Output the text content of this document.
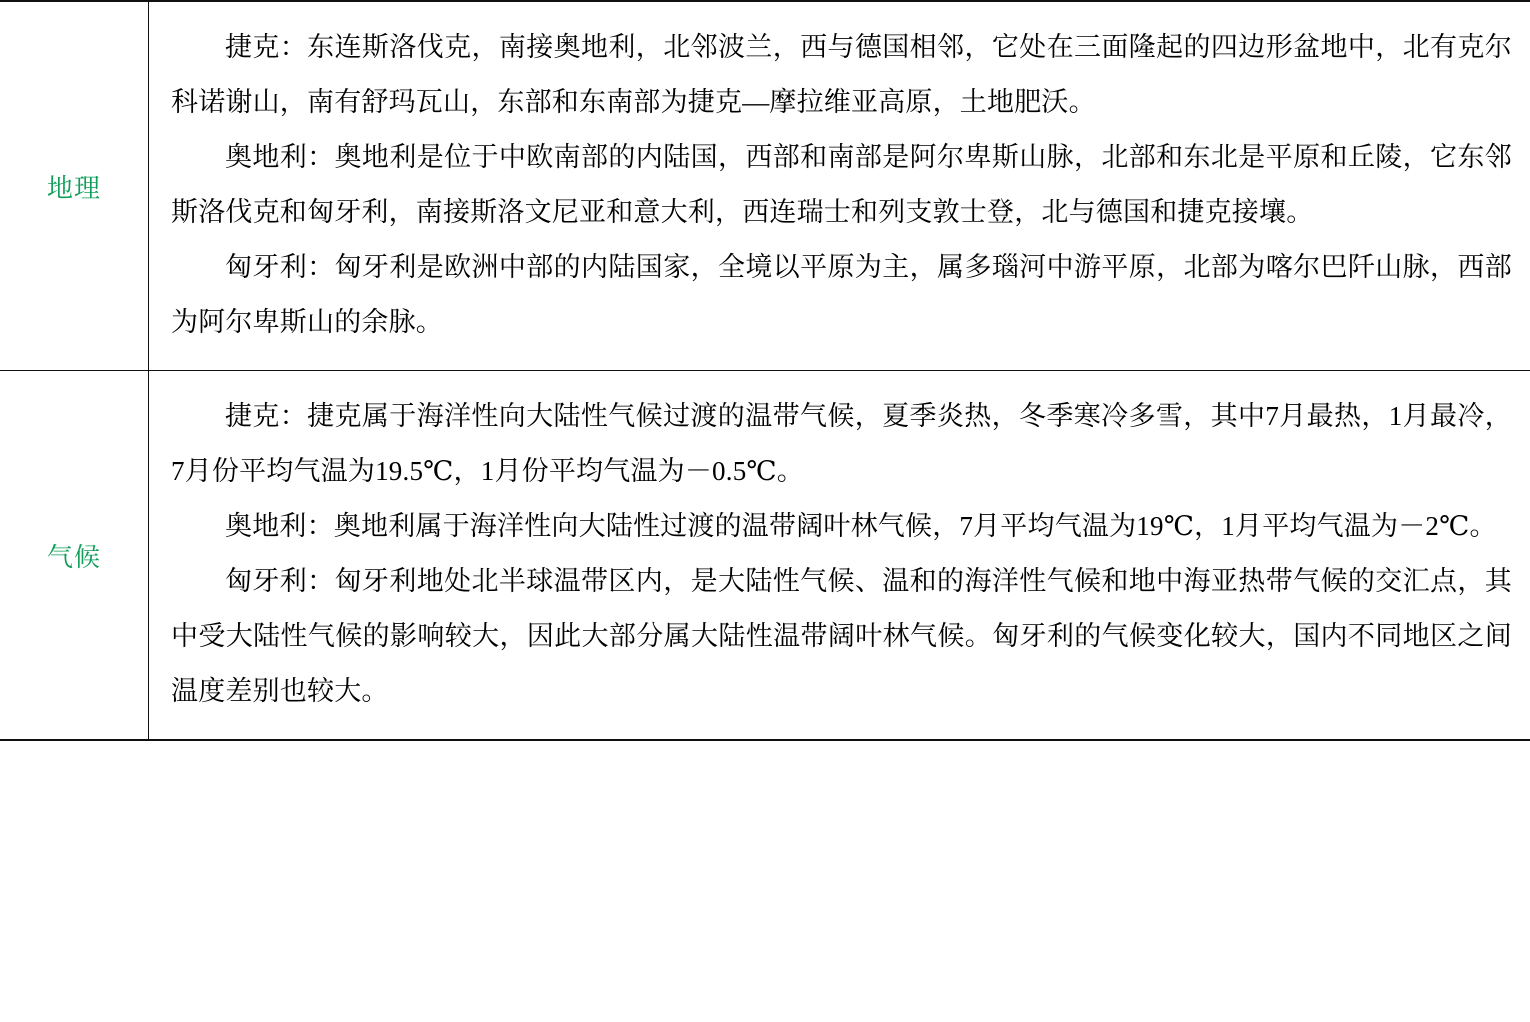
地理	捷克：东连斯洛伐克，南接奥地利，北邻波兰，西与德国相邻，它处在三面隆起的四边形盆地中，北有克尔科诺谢山，南有舒玛瓦山，东部和东南部为捷克—摩拉维亚高原，土地肥沃。

奥地利：奥地利是位于中欧南部的内陆国，西部和南部是阿尔卑斯山脉，北部和东北是平原和丘陵，它东邻斯洛伐克和匈牙利，南接斯洛文尼亚和意大利，西连瑞士和列支敦士登，北与德国和捷克接壤。

匈牙利：匈牙利是欧洲中部的内陆国家，全境以平原为主，属多瑙河中游平原，北部为喀尔巴阡山脉，西部为阿尔卑斯山的余脉。

气候	捷克：捷克属于海洋性向大陆性气候过渡的温带气候，夏季炎热，冬季寒冷多雪，其中7月最热，1月最冷，7月份平均气温为19.5℃，1月份平均气温为－0.5℃。

奥地利：奥地利属于海洋性向大陆性过渡的温带阔叶林气候，7月平均气温为19℃，1月平均气温为－2℃。

匈牙利：匈牙利地处北半球温带区内，是大陆性气候、温和的海洋性气候和地中海亚热带气候的交汇点，其中受大陆性气候的影响较大，因此大部分属大陆性温带阔叶林气候。匈牙利的气候变化较大，国内不同地区之间温度差别也较大。
